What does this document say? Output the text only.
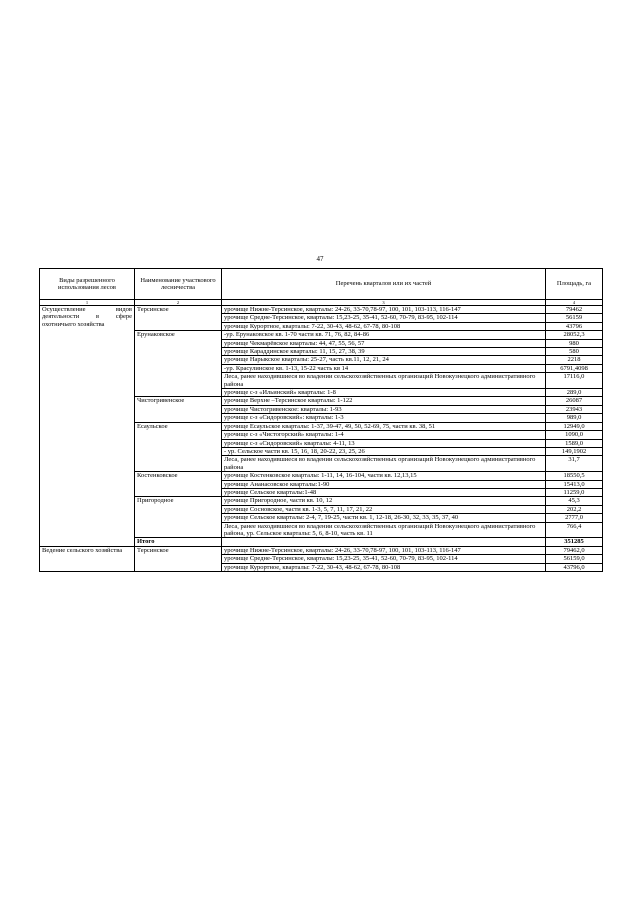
47
Виды разрешенного использования лесов	Наименование участкового лесничества	Перечень кварталов или их частей	Площадь, га
1	2	3	4
Осуществление видов деятельности в сфере охотничьего хозяйства	Терсинское	урочище Нижне-Терсинское, кварталы: 24-26, 33-70,78-97, 100, 101, 103-113, 116-147	79462
		урочище Средне-Терсинское, кварталы: 15,23-25, 35-41, 52-60, 70-79, 83-95, 102-114	56159
		урочище Курортное, кварталы: 7-22, 30-43, 48-62, 67-78, 80-108	43796
	Ерунаковское	-ур. Ерунаковское кв. 1-70 части кв. 71, 76, 82, 84-86	28052,3
		урочище Чекмарёвское кварталы: 44, 47, 55, 56, 57	980
		урочище Караддинское кварталы: 11, 15, 27, 38, 39	580
		урочище Нарыкское кварталы: 25-27, часть кв.11, 12, 21, 24	2218
		-ур. Красулинское кв. 1-13, 15-22 часть кв 14	6791,4098
		Леса, ранее находившиеся во владении сельскохозяйственных организаций Новокузнецкого административного района	17116,0
		урочище с-з «Ильинский» кварталы: 1-8	289,0
	Чистогривенское	урочище Верхне –Терсинское кварталы: 1-122	26087
		урочище Чистогривенское: кварталы: 1-93	23943
		урочище с-з «Сидоровский»: кварталы: 1-3	989,0
	Есаульское	урочище Есаульское кварталы: 1-37, 39-47, 49, 50, 52-69, 75, части кв. 38, 51	12949,0
		урочище с-з «Чистогорский» кварталы: 1-4	1090,0
		урочище с-з «Сидоровский» кварталы: 4-11, 13	1589,0
		- ур. Сельское части кв. 15, 16, 18, 20-22, 23, 25, 26	149,1902
		Леса, ранее находившиеся во владении сельскохозяйственных организаций Новокузнецкого административного района	31,7
	Костенковское	урочище Костенковское кварталы: 1-11, 14, 16-104, части кв. 12,13,15	18550,5
		урочище Ананасовское кварталы:1-90	15413,0
		урочище Сельское кварталы:1-48	11259,0
	Пригородное	урочище Пригородное, части кв. 10, 12	45,3
		урочище Сосновское, части кв. 1-3, 5, 7, 11, 17, 21, 22	202,2
		урочище Сельское кварталы: 2-4, 7, 19-25, части кв. 1, 12-18, 26-30, 32, 33, 35, 37, 40	2777,0
		Леса, ранее находившиеся во владении сельскохозяйственных организаций Новокузнецкого административного района, ур. Сельское кварталы: 5, 6, 8-10, часть кв. 11	766,4
	Итого		351285
Ведение сельского хозяйства	Терсинское	урочище Нижне-Терсинское, кварталы: 24-26, 33-70,78-97, 100, 101, 103-113, 116-147	79462,0
		урочище Средне-Терсинское, кварталы: 15,23-25, 35-41, 52-60, 70-79, 83-95, 102-114	56159,0
		урочище Курортное, кварталы: 7-22, 30-43, 48-62, 67-78, 80-108	43796,0
